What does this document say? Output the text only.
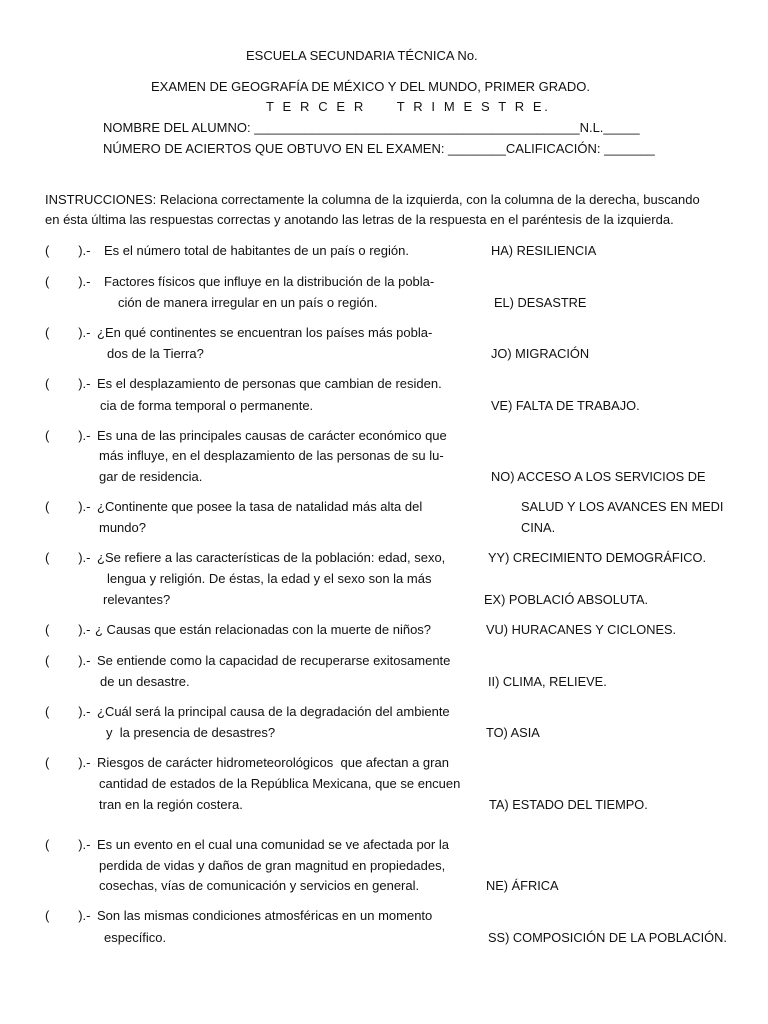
ESCUELA SECUNDARIA TÉCNICA No.
EXAMEN DE GEOGRAFÍA DE MÉXICO Y DEL MUNDO, PRIMER GRADO.
T E R C E R     T R I M E S T R E.
NOMBRE DEL ALUMNO: _____________________________________________N.L._____
NÚMERO DE ACIERTOS QUE OBTUVO EN EL EXAMEN: ________CALIFICACIÓN: _______
INSTRUCCIONES: Relaciona correctamente la columna de la izquierda, con la columna de la derecha, buscando
en ésta última las respuestas correctas y anotando las letras de la respuesta en el paréntesis de la izquierda.
(        ).- Es el número total de habitantes de un país o región.
(        ).- Factores físicos que influye en la distribución de la pobla-
ción de manera irregular en un país o región.
(        ).- ¿En qué continentes se encuentran los países más pobla-
dos de la Tierra?
(        ).- Es el desplazamiento de personas que cambian de residen.
cia de forma temporal o permanente.
(        ).- Es una de las principales causas de carácter económico que
más influye, en el desplazamiento de las personas de su lu-
gar de residencia.
(        ).- ¿Continente que posee la tasa de natalidad más alta del
mundo?
(        ).- ¿Se refiere a las características de la población: edad, sexo,
lengua y religión. De éstas, la edad y el sexo son la más
relevantes?
(        ).- ¿ Causas que están relacionadas con la muerte de niños?
(        ).- Se entiende como la capacidad de recuperarse exitosamente
de un desastre.
(        ).- ¿Cuál será la principal causa de la degradación del ambiente
y  la presencia de desastres?
(        ).- Riesgos de carácter hidrometeorológicos  que afectan a gran
cantidad de estados de la República Mexicana, que se encuen
tran en la región costera.
(        ).- Es un evento en el cual una comunidad se ve afectada por la
perdida de vidas y daños de gran magnitud en propiedades,
cosechas, vías de comunicación y servicios en general.
(        ).- Son las mismas condiciones atmosféricas en un momento
específico.
HA) RESILIENCIA
EL) DESASTRE
JO) MIGRACIÓN
VE) FALTA DE TRABAJO.
NO) ACCESO A LOS SERVICIOS DE
SALUD Y LOS AVANCES EN MEDI
CINA.
YY) CRECIMIENTO DEMOGRÁFICO.
EX) POBLACIÓ ABSOLUTA.
VU) HURACANES Y CICLONES.
II) CLIMA, RELIEVE.
TO) ASIA
TA) ESTADO DEL TIEMPO.
NE) ÁFRICA
SS) COMPOSICIÓN DE LA POBLACIÓN.
